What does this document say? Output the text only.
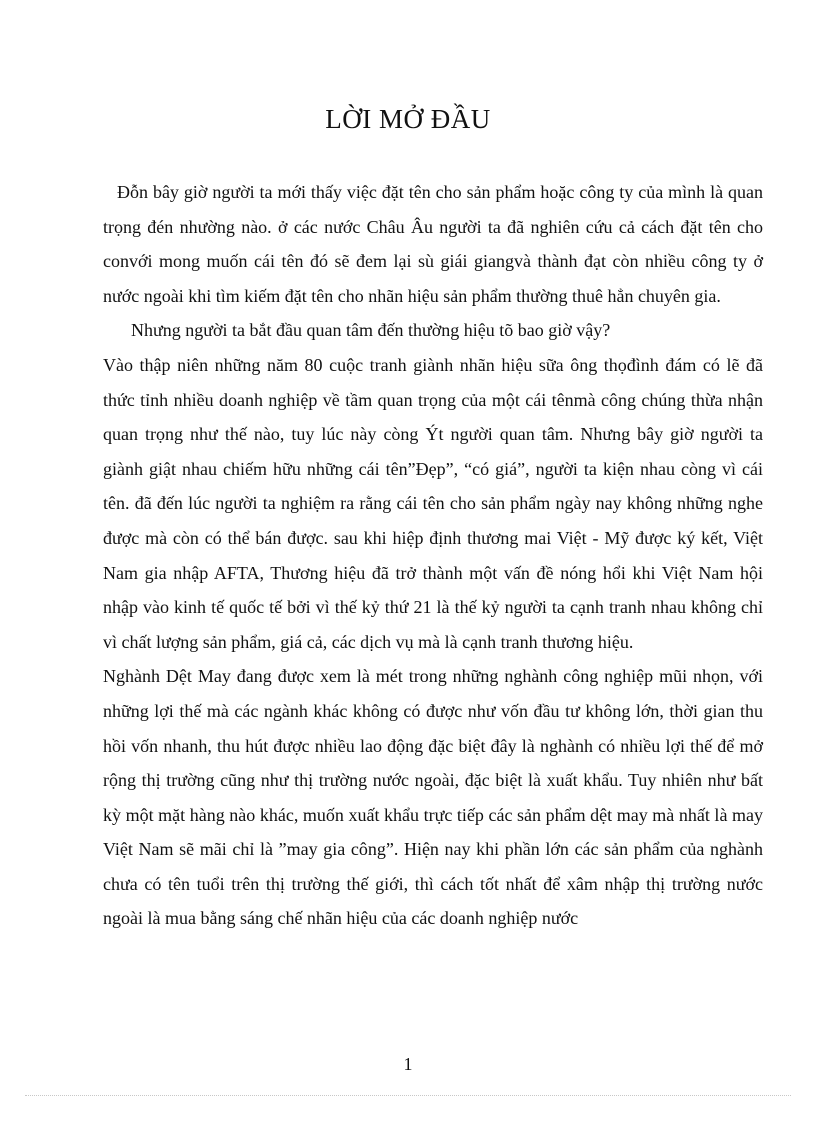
LỜI MỞ ĐẦU

Đỗn bây giờ người ta mới thấy việc đặt tên cho sản phẩm hoặc công ty của mình là quan trọng đén nhường nào. ở các nước Châu Âu người ta đã nghiên cứu cả cách đặt tên cho convới mong muốn cái tên đó sẽ đem lại sù giái giangvà thành đạt còn nhiều công ty ở nước ngoài khi tìm kiếm đặt tên cho nhãn hiệu sản phẩm thường thuê hẳn chuyên gia.

Nhưng người ta bắt đầu quan tâm đến thường hiệu tõ bao giờ vậy?

Vào thập niên những năm 80 cuộc tranh giành nhãn hiệu sữa ông thọđình đám có lẽ đã thức tỉnh nhiều doanh nghiệp về tầm quan trọng của một cái tênmà công chúng thừa nhận quan trọng như thế nào, tuy lúc này còng Ýt người quan tâm. Nhưng bây giờ người ta giành giật nhau chiếm hữu những cái tên”Đẹp”, “có giá”, người ta kiện nhau còng vì cái tên. đã đến lúc người ta nghiệm ra rằng cái tên cho sản phẩm ngày nay không những nghe được mà còn có thể bán được. sau khi hiệp định thương mai Việt - Mỹ được ký kết, Việt Nam gia nhập AFTA, Thương hiệu đã trở thành một vấn đề nóng hổi khi Việt Nam hội nhập vào kinh tế quốc tế bởi vì thế kỷ thứ 21 là thế kỷ người ta cạnh tranh nhau không chỉ vì chất lượng sản phẩm, giá cả, các dịch vụ mà là cạnh tranh thương hiệu.

Nghành Dệt May đang được xem là mét trong những nghành công nghiệp mũi nhọn, với những lợi thế mà các ngành khác không có được như vốn đầu tư không lớn, thời gian thu hồi vốn nhanh, thu hút được nhiều lao động đặc biệt đây là nghành có nhiều lợi thế để mở rộng thị trường cũng như thị trường nước ngoài, đặc biệt là xuất khẩu. Tuy nhiên như bất kỳ một mặt hàng nào khác, muốn xuất khẩu trực tiếp các sản phẩm dệt may mà nhất là may Việt Nam sẽ mãi chỉ là ”may gia công”. Hiện nay khi phần lớn các sản phẩm của nghành chưa có tên tuổi trên thị trường thế giới, thì cách tốt nhất để xâm nhập thị trường nước ngoài là mua bằng sáng chế nhãn hiệu của các doanh nghiệp nước

1
